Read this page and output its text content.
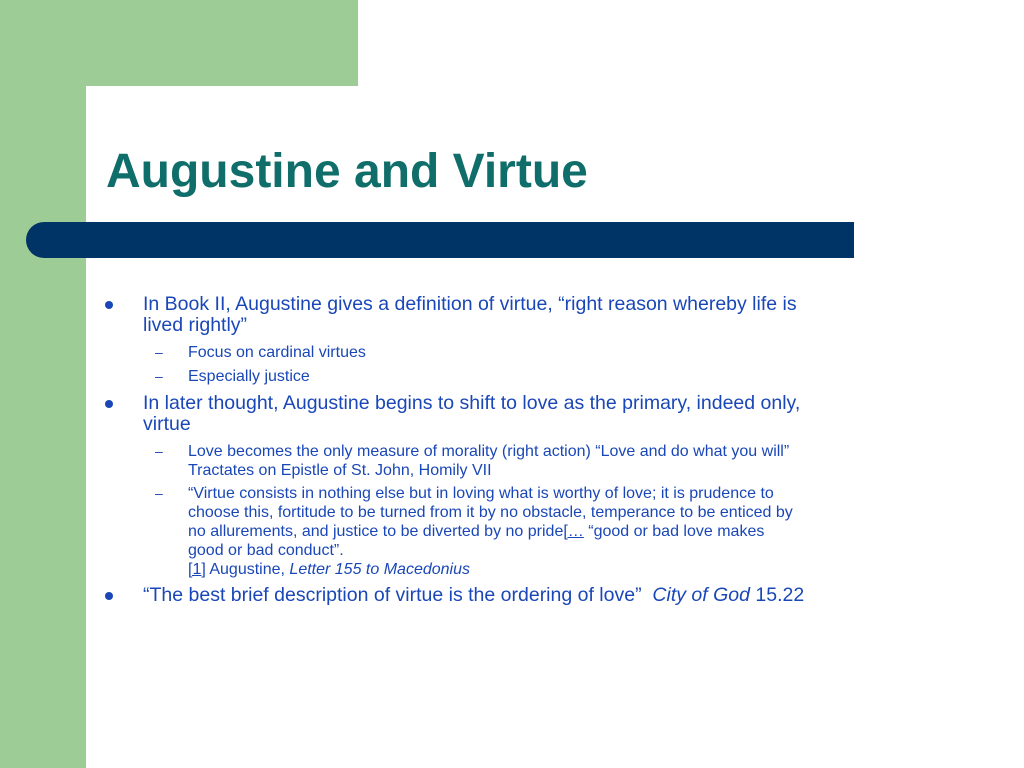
Augustine and Virtue
In Book II, Augustine gives a definition of virtue, “right reason whereby life is
lived rightly”
– Focus on cardinal virtues
– Especially justice
In later thought, Augustine begins to shift to love as the primary, indeed only,
virtue
– Love becomes the only measure of morality (right action) “Love and do what you will”
Tractates on Epistle of St. John, Homily VII
– “Virtue consists in nothing else but in loving what is worthy of love; it is prudence to
choose this, fortitude to be turned from it by no obstacle, temperance to be enticed by
no allurements, and justice to be diverted by no pride[… “good or bad love makes
good or bad conduct”.
[1] Augustine, Letter 155 to Macedonius
“The best brief description of virtue is the ordering of love”  City of God 15.22
